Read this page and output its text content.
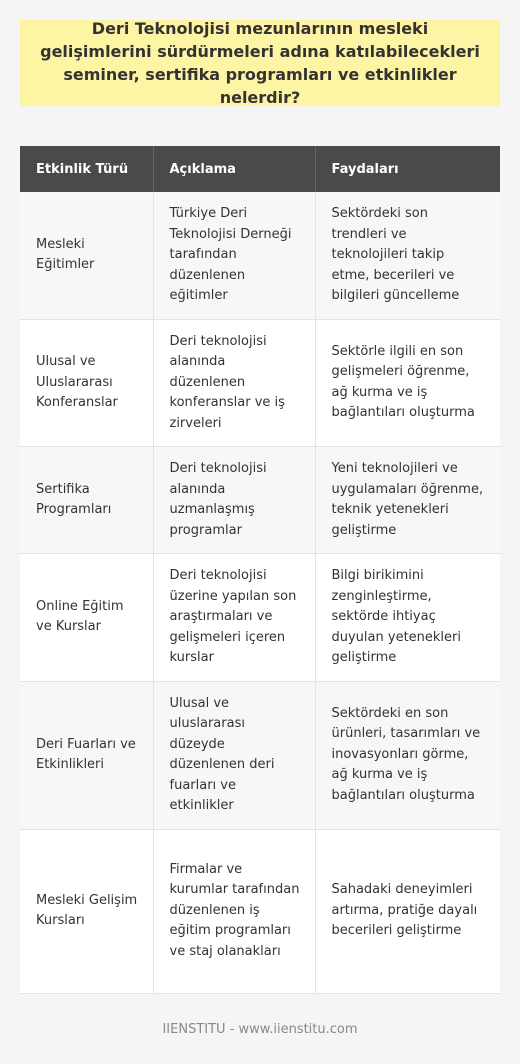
Deri Teknolojisi mezunlarının mesleki gelişimlerini sürdürmeleri adına katılabilecekleri seminer, sertifika programları ve etkinlikler nelerdir?
Etkinlik Türü	Açıklama	Faydaları
Mesleki Eğitimler	Türkiye Deri Teknolojisi Derneği tarafından düzenlenen eğitimler	Sektördeki son trendleri ve teknolojileri takip etme, becerileri ve bilgileri güncelleme
Ulusal ve Uluslararası Konferanslar	Deri teknolojisi alanında düzenlenen konferanslar ve iş zirveleri	Sektörle ilgili en son gelişmeleri öğrenme, ağ kurma ve iş bağlantıları oluşturma
Sertifika Programları	Deri teknolojisi alanında uzmanlaşmış programlar	Yeni teknolojileri ve uygulamaları öğrenme, teknik yetenekleri geliştirme
Online Eğitim ve Kurslar	Deri teknolojisi üzerine yapılan son araştırmaları ve gelişmeleri içeren kurslar	Bilgi birikimini zenginleştirme, sektörde ihtiyaç duyulan yetenekleri geliştirme
Deri Fuarları ve Etkinlikleri	Ulusal ve uluslararası düzeyde düzenlenen deri fuarları ve etkinlikler	Sektördeki en son ürünleri, tasarımları ve inovasyonları görme, ağ kurma ve iş bağlantıları oluşturma
Mesleki Gelişim Kursları	Firmalar ve kurumlar tarafından düzenlenen iş eğitim programları ve staj olanakları	Sahadaki deneyimleri artırma, pratiğe dayalı becerileri geliştirme
IIENSTITU - www.iienstitu.com
